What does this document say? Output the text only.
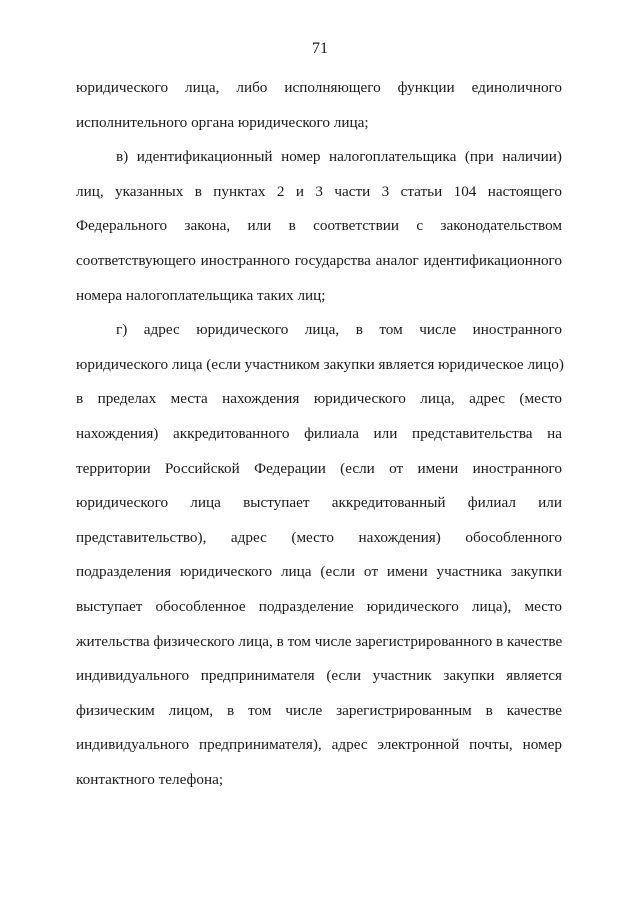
71
юридического лица, либо исполняющего функции единоличного
исполнительного органа юридического лица;
в) идентификационный номер налогоплательщика (при наличии)
лиц, указанных в пунктах 2 и 3 части 3 статьи 104 настоящего
Федерального закона, или в соответствии с законодательством
соответствующего иностранного государства аналог идентификационного
номера налогоплательщика таких лиц;
г) адрес юридического лица, в том числе иностранного
юридического лица (если участником закупки является юридическое лицо)
в пределах места нахождения юридического лица, адрес (место
нахождения) аккредитованного филиала или представительства на
территории Российской Федерации (если от имени иностранного
юридического лица выступает аккредитованный филиал или
представительство), адрес (место нахождения) обособленного
подразделения юридического лица (если от имени участника закупки
выступает обособленное подразделение юридического лица), место
жительства физического лица, в том числе зарегистрированного в качестве
индивидуального предпринимателя (если участник закупки является
физическим лицом, в том числе зарегистрированным в качестве
индивидуального предпринимателя), адрес электронной почты, номер
контактного телефона;
